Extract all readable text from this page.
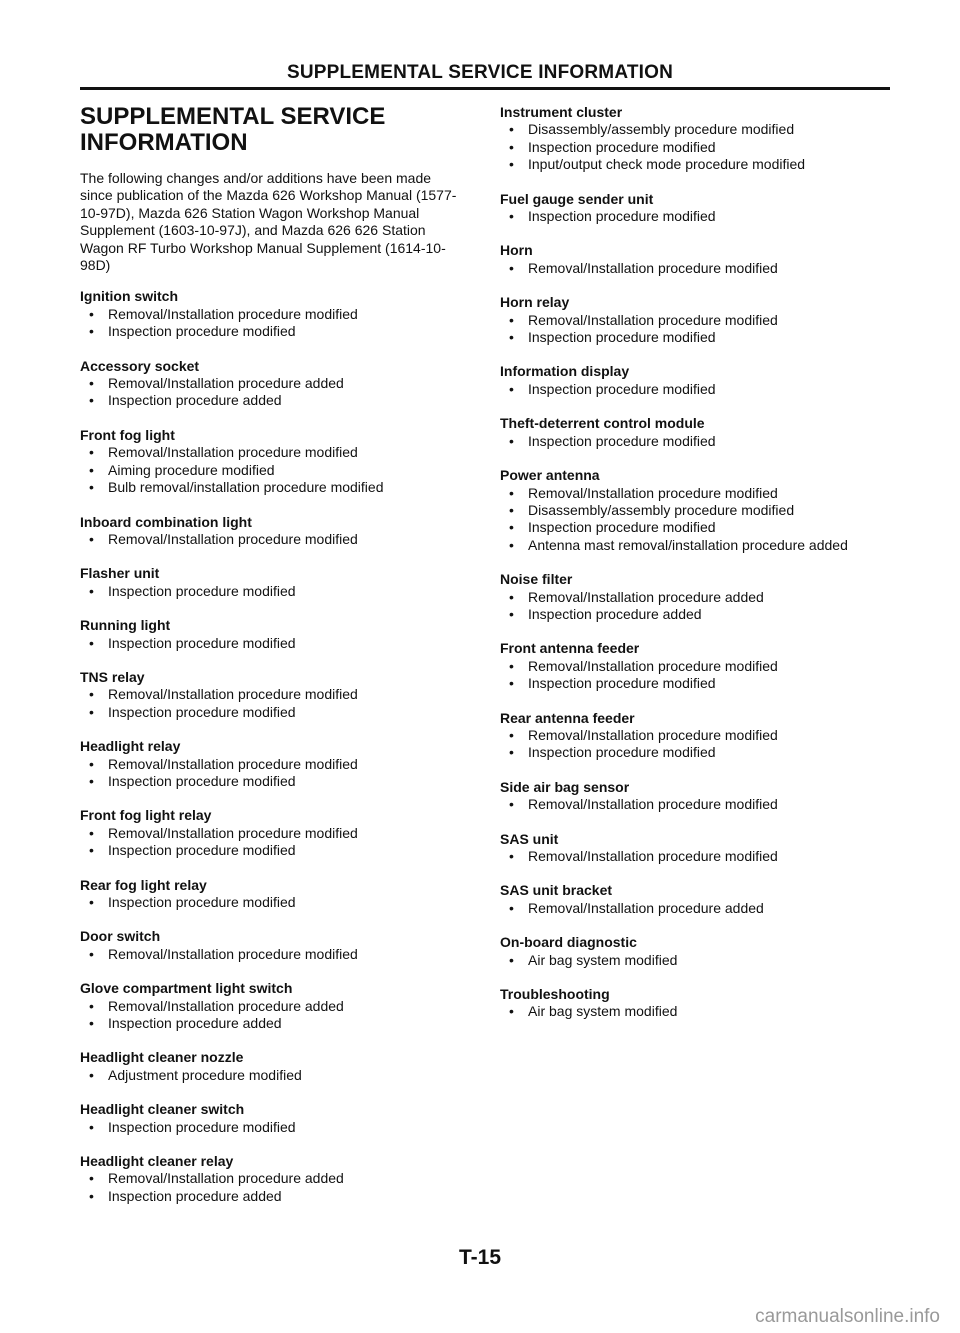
SUPPLEMENTAL SERVICE INFORMATION
SUPPLEMENTAL SERVICE
INFORMATION
The following changes and/or additions have been made since publication of the Mazda 626 Workshop Manual (1577-10-97D), Mazda 626 Station Wagon Workshop Manual Supplement (1603-10-97J), and Mazda 626 626 Station Wagon RF Turbo Workshop Manual Supplement (1614-10-98D)
Ignition switch
• Removal/Installation procedure modified
• Inspection procedure modified
Accessory socket
• Removal/Installation procedure added
• Inspection procedure added
Front fog light
• Removal/Installation procedure modified
• Aiming procedure modified
• Bulb removal/installation procedure modified
Inboard combination light
• Removal/Installation procedure modified
Flasher unit
• Inspection procedure modified
Running light
• Inspection procedure modified
TNS relay
• Removal/Installation procedure modified
• Inspection procedure modified
Headlight relay
• Removal/Installation procedure modified
• Inspection procedure modified
Front fog light relay
• Removal/Installation procedure modified
• Inspection procedure modified
Rear fog light relay
• Inspection procedure modified
Door switch
• Removal/Installation procedure modified
Glove compartment light switch
• Removal/Installation procedure added
• Inspection procedure added
Headlight cleaner nozzle
• Adjustment procedure modified
Headlight cleaner switch
• Inspection procedure modified
Headlight cleaner relay
• Removal/Installation procedure added
• Inspection procedure added
Instrument cluster
• Disassembly/assembly procedure modified
• Inspection procedure modified
• Input/output check mode procedure modified
Fuel gauge sender unit
• Inspection procedure modified
Horn
• Removal/Installation procedure modified
Horn relay
• Removal/Installation procedure modified
• Inspection procedure modified
Information display
• Inspection procedure modified
Theft-deterrent control module
• Inspection procedure modified
Power antenna
• Removal/Installation procedure modified
• Disassembly/assembly procedure modified
• Inspection procedure modified
• Antenna mast removal/installation procedure added
Noise filter
• Removal/Installation procedure added
• Inspection procedure added
Front antenna feeder
• Removal/Installation procedure modified
• Inspection procedure modified
Rear antenna feeder
• Removal/Installation procedure modified
• Inspection procedure modified
Side air bag sensor
• Removal/Installation procedure modified
SAS unit
• Removal/Installation procedure modified
SAS unit bracket
• Removal/Installation procedure added
On-board diagnostic
• Air bag system modified
Troubleshooting
• Air bag system modified
T-15
carmanualsonline.info
